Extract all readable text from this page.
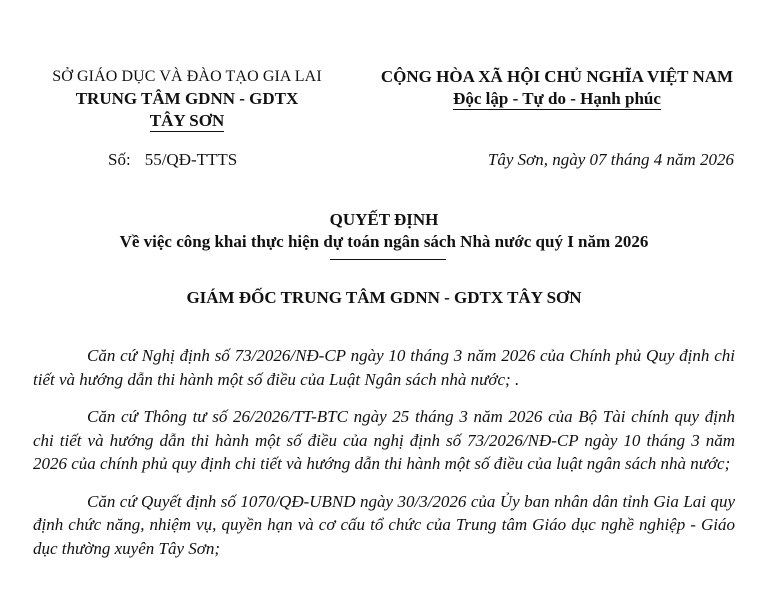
SỞ GIÁO DỤC VÀ ĐÀO TẠO GIA LAI
TRUNG TÂM GDNN - GDTX
TÂY SƠN
CỘNG HÒA XÃ HỘI CHỦ NGHĨA VIỆT NAM
Độc lập - Tự do - Hạnh phúc
Số: 55/QĐ-TTTS	Tây Sơn, ngày 07 tháng 4 năm 2026
QUYẾT ĐỊNH
Về việc công khai thực hiện dự toán ngân sách Nhà nước quý I năm 2026
GIÁM ĐỐC TRUNG TÂM GDNN - GDTX TÂY SƠN

Căn cứ Nghị định số 73/2026/NĐ-CP ngày 10 tháng 3 năm 2026 của Chính phủ Quy định chi tiết và hướng dẫn thi hành một số điều của Luật Ngân sách nhà nước; .

Căn cứ Thông tư số 26/2026/TT-BTC ngày 25 tháng 3 năm 2026 của Bộ Tài chính quy định chi tiết và hướng dẫn thi hành một số điều của nghị định số 73/2026/NĐ-CP ngày 10 tháng 3 năm 2026 của chính phủ quy định chi tiết và hướng dẫn thi hành một số điều của luật ngân sách nhà nước;

Căn cứ Quyết định số 1070/QĐ-UBND ngày 30/3/2026 của Ủy ban nhân dân tỉnh Gia Lai quy định chức năng, nhiệm vụ, quyền hạn và cơ cấu tổ chức của Trung tâm Giáo dục nghề nghiệp - Giáo dục thường xuyên Tây Sơn;
